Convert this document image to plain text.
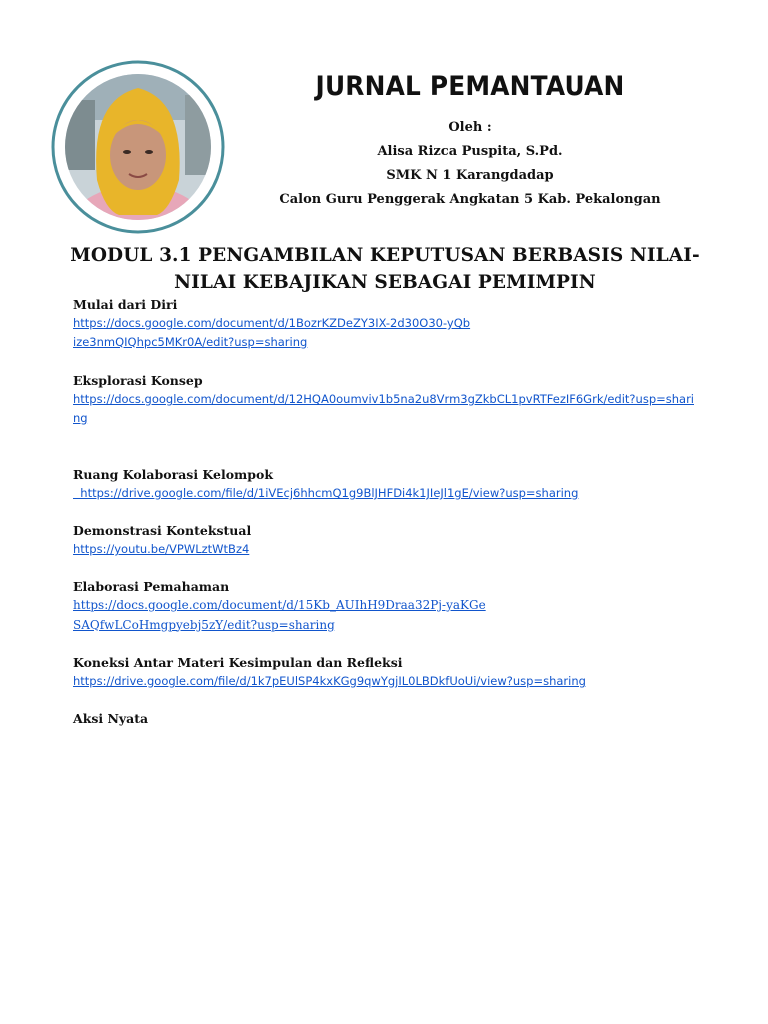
JURNAL PEMANTAUAN
Oleh :
Alisa Rizca Puspita, S.Pd.
SMK N 1 Karangdadap
Calon Guru Penggerak Angkatan 5 Kab. Pekalongan
MODUL 3.1 PENGAMBILAN KEPUTUSAN BERBASIS NILAI-
NILAI KEBAJIKAN SEBAGAI PEMIMPIN
Mulai dari Diri
https://docs.google.com/document/d/1BozrKZDeZY3IX-2d30O30-yQbize3nmQIQhpc5MKr0A/edit?usp=sharing
Eksplorasi Konsep
https://docs.google.com/document/d/12HQA0oumviv1b5na2u8Vrm3gZkbCL1pvRTFezIF6Grk/edit?usp=sharing
Ruang Kolaborasi Kelompok
https://drive.google.com/file/d/1iVEcj6hhcmQ1g9BlJHFDi4k1JIeJl1gE/view?usp=sharing
Demonstrasi Kontekstual
https://youtu.be/VPWLztWtBz4
Elaborasi Pemahaman
https://docs.google.com/document/d/15Kb_AUIhH9Draa32Pj-yaKGeSAQfwLCoHmgpyebj5zY/edit?usp=sharing
Koneksi Antar Materi Kesimpulan dan Refleksi
https://drive.google.com/file/d/1k7pEUlSP4kxKGg9qwYgjIL0LBDkfUoUi/view?usp=sharing
Aksi Nyata
